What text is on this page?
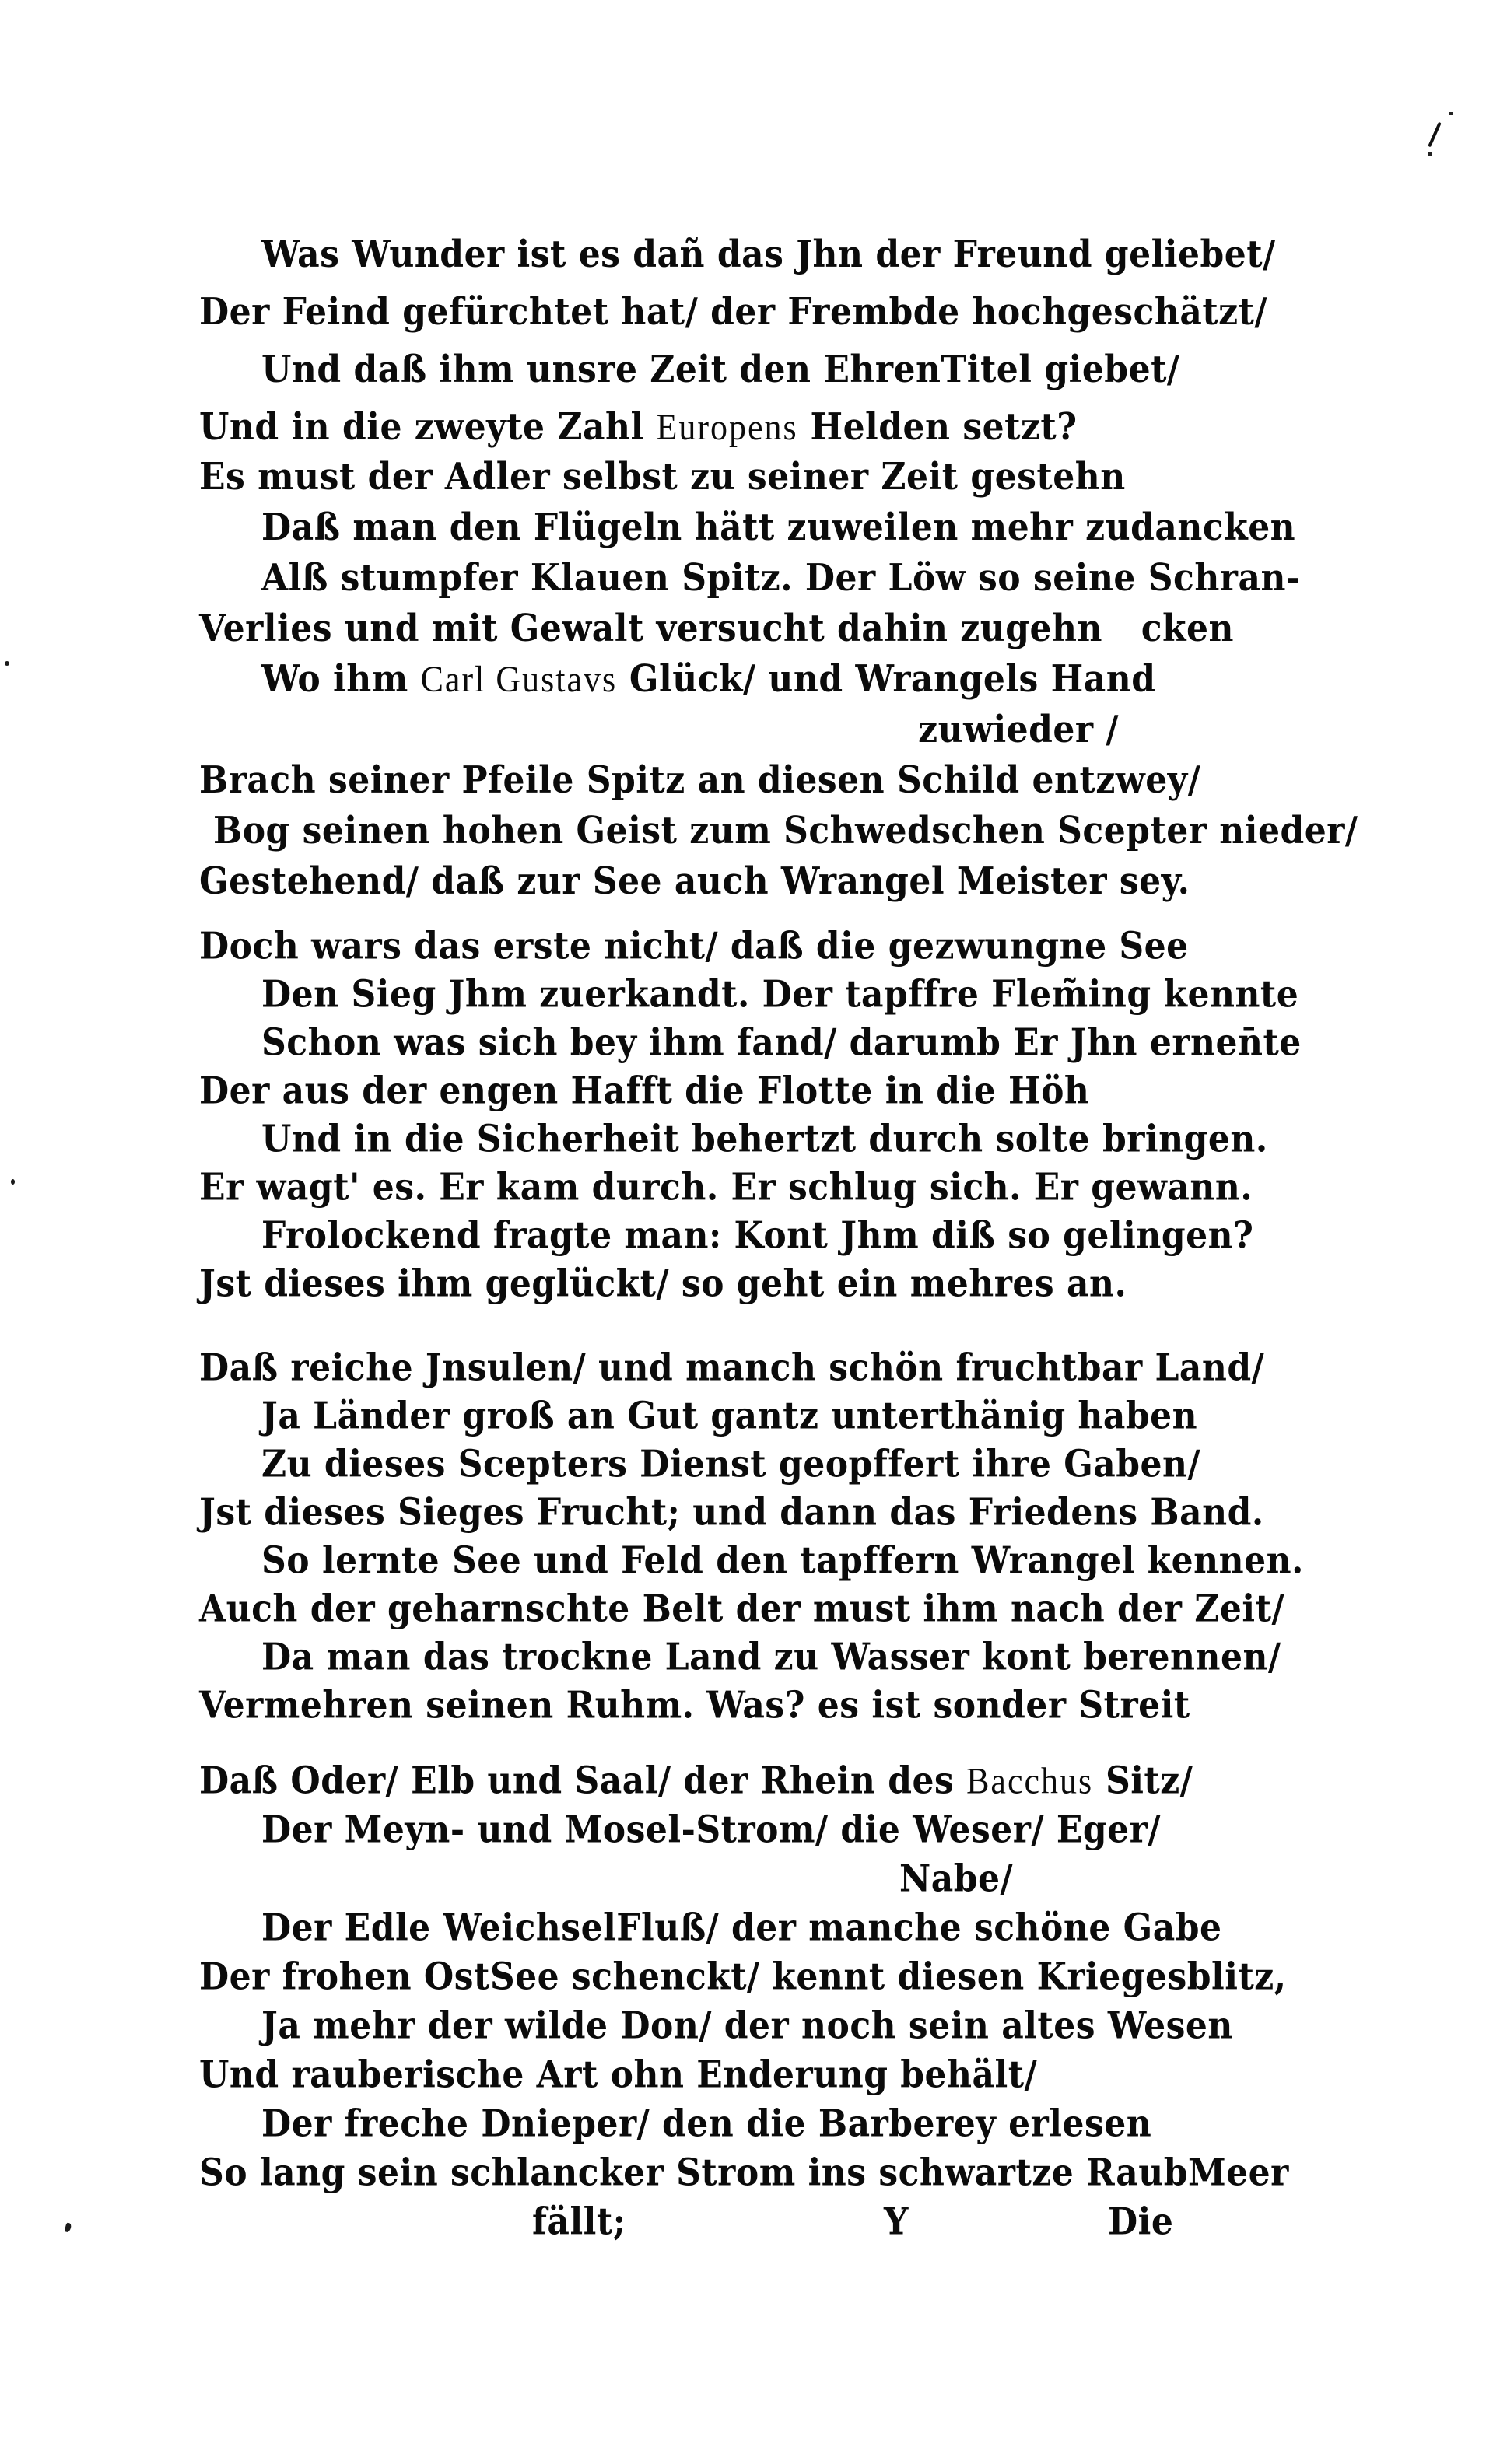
Was Wunder ist es dañ das Jhn der Freund geliebet/
Der Feind gefürchtet hat/ der Frembde hochgeschätzt/
Und daß ihm unsre Zeit den EhrenTitel giebet/
Und in die zweyte Zahl Europens Helden setzt?
Es must der Adler selbst zu seiner Zeit gestehn
Daß man den Flügeln hätt zuweilen mehr zudancken
Alß stumpfer Klauen Spitz. Der Löw so seine Schran-
Verlies und mit Gewalt versucht dahin zugehn cken
Wo ihm Carl Gustavs Glück/ und Wrangels Hand
zuwieder /
Brach seiner Pfeile Spitz an diesen Schild entzwey/
Bog seinen hohen Geist zum Schwedschen Scepter nieder/
Gestehend/ daß zur See auch Wrangel Meister sey.
Doch wars das erste nicht/ daß die gezwungne See
Den Sieg Jhm zuerkandt. Der tapffre Flem̃ing kennte
Schon was sich bey ihm fand/ darumb Er Jhn ernen̄te
Der aus der engen Hafft die Flotte in die Höh
Und in die Sicherheit behertzt durch solte bringen.
Er wagt' es. Er kam durch. Er schlug sich. Er gewann.
Frolockend fragte man: Kont Jhm diß so gelingen?
Jst dieses ihm geglückt/ so geht ein mehres an.
Daß reiche Jnsulen/ und manch schön fruchtbar Land/
Ja Länder groß an Gut gantz unterthänig haben
Zu dieses Scepters Dienst geopffert ihre Gaben/
Jst dieses Sieges Frucht; und dann das Friedens Band.
So lernte See und Feld den tapffern Wrangel kennen.
Auch der geharnschte Belt der must ihm nach der Zeit/
Da man das trockne Land zu Wasser kont berennen/
Vermehren seinen Ruhm. Was? es ist sonder Streit
Daß Oder/ Elb und Saal/ der Rhein des Bacchus Sitz/
Der Meyn- und Mosel-Strom/ die Weser/ Eger/
Nabe/
Der Edle WeichselFluß/ der manche schöne Gabe
Der frohen OstSee schenckt/ kennt diesen Kriegesblitz,
Ja mehr der wilde Don/ der noch sein altes Wesen
Und rauberische Art ohn Enderung behält/
Der freche Dnieper/ den die Barberey erlesen
So lang sein schlancker Strom ins schwartze RaubMeer
fällt;	Y	Die
